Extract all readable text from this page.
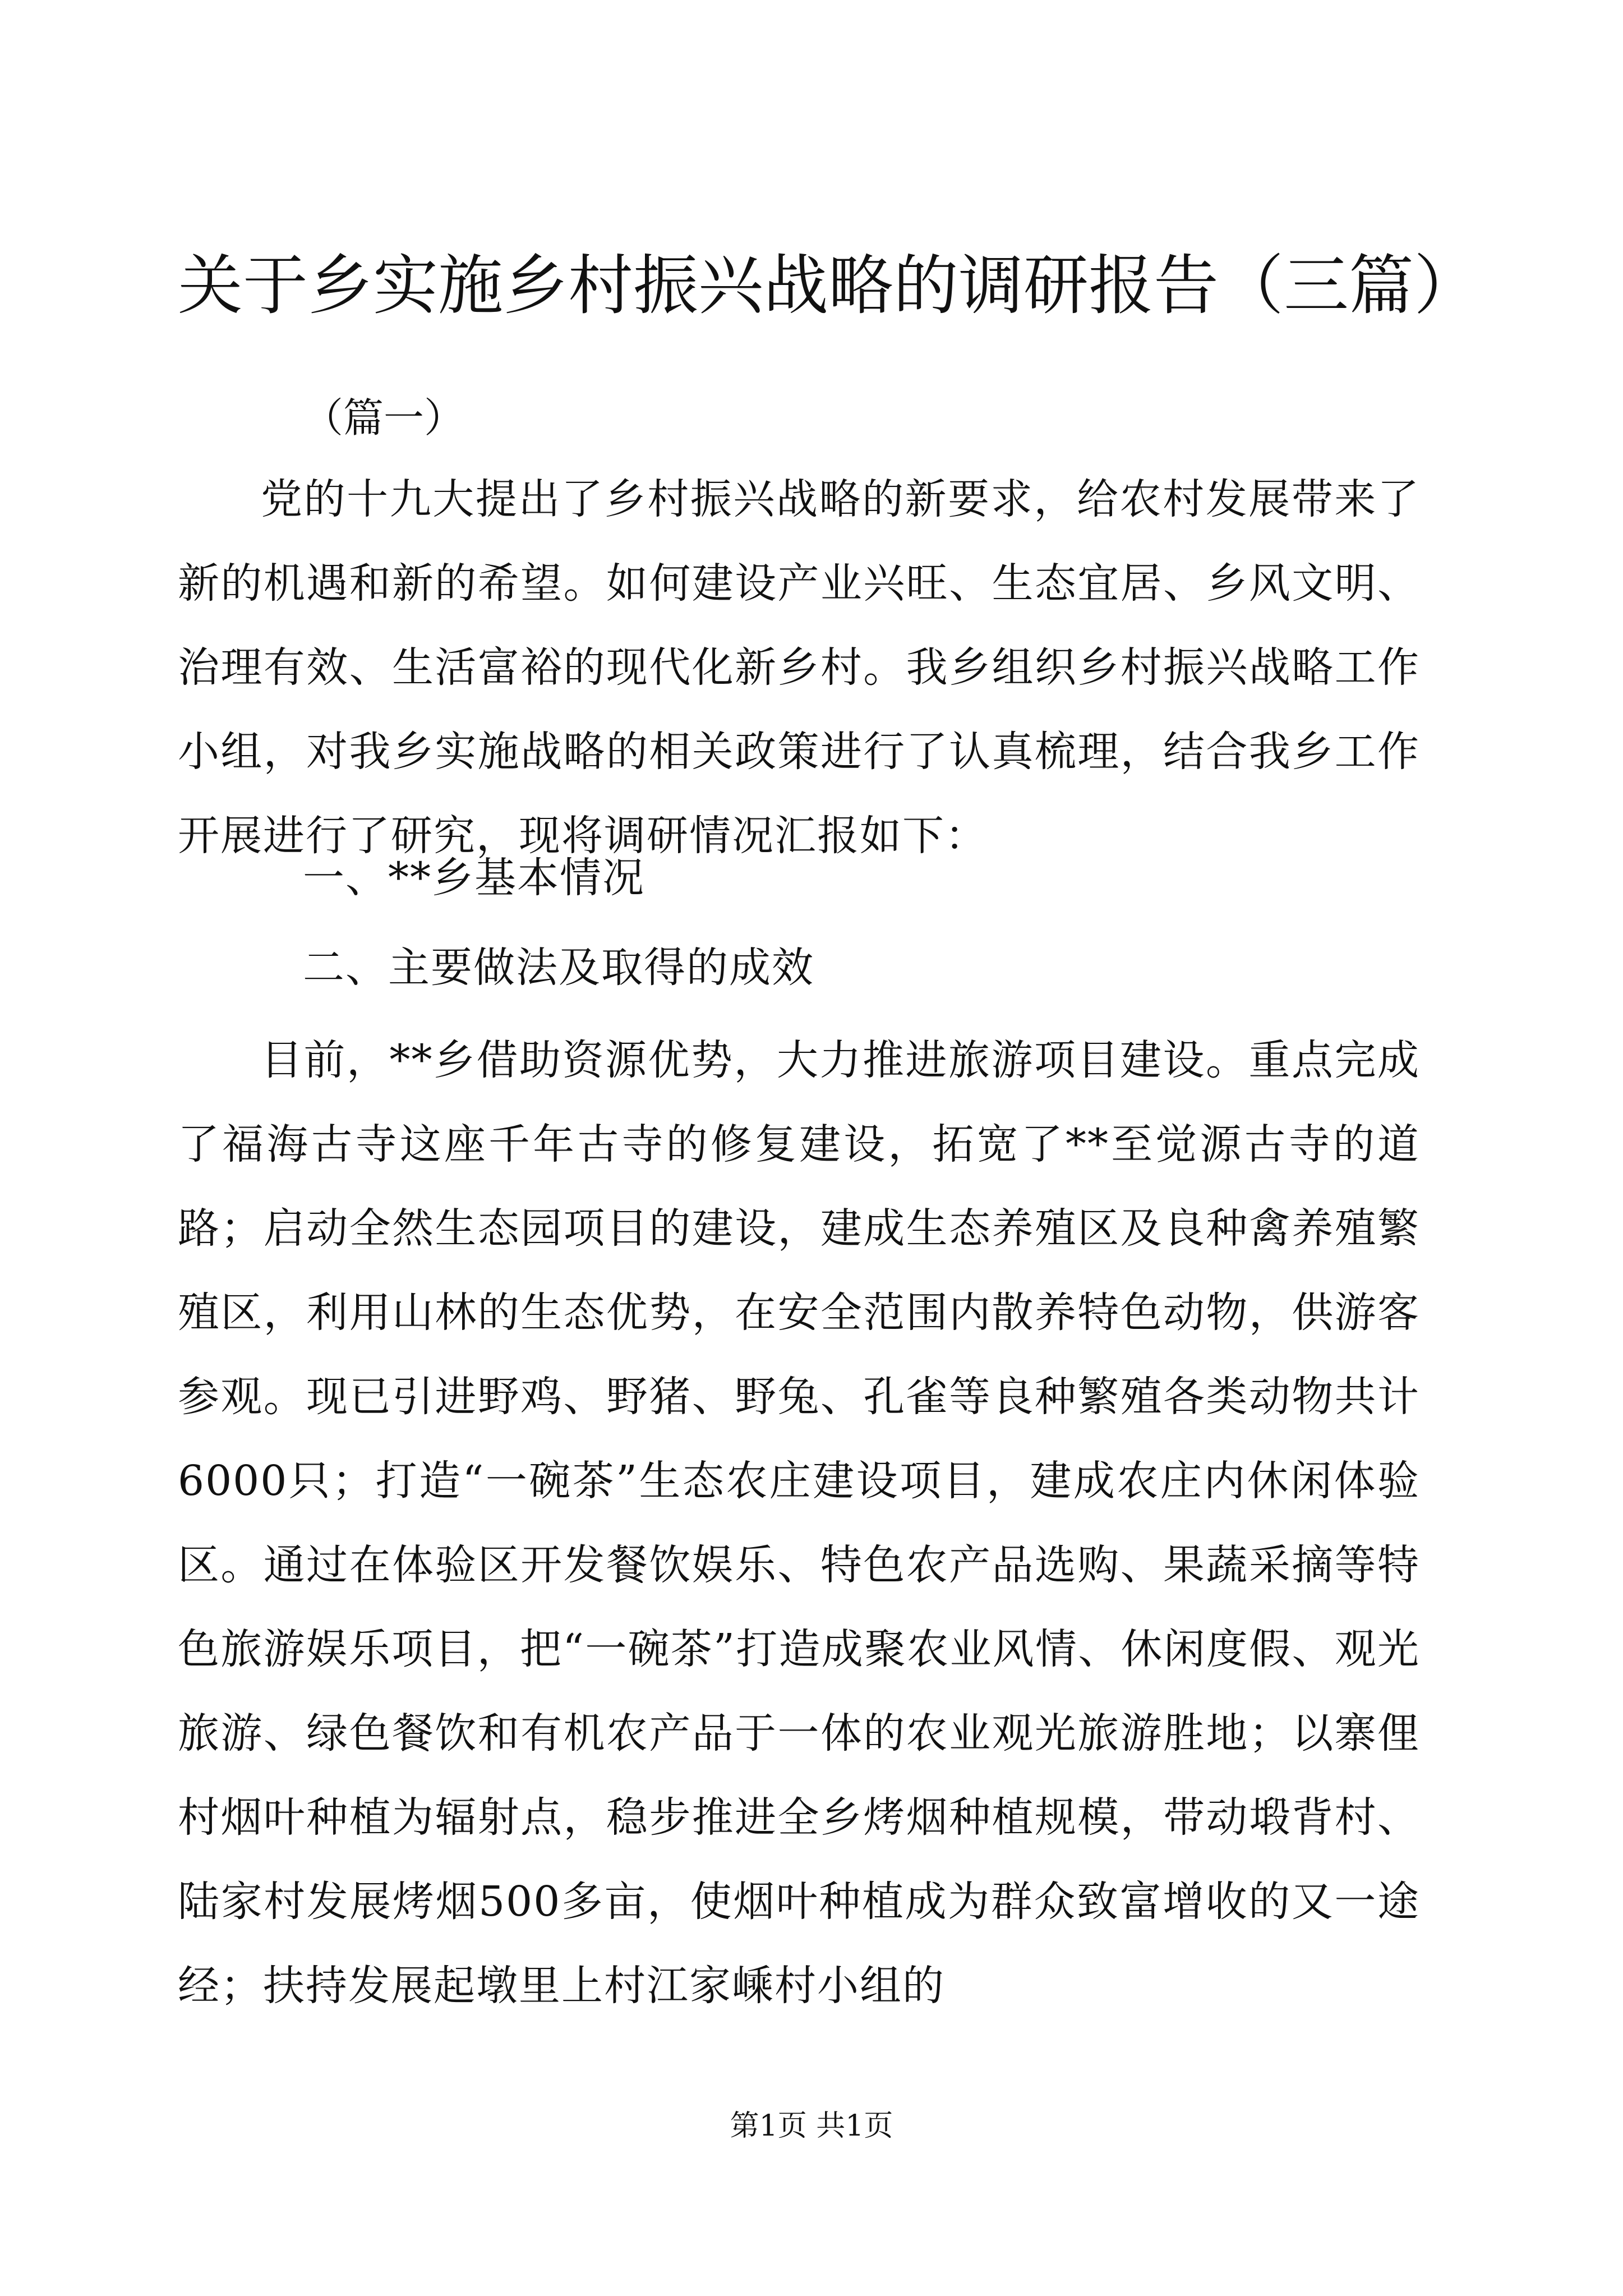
关于乡实施乡村振兴战略的调研报告（三篇）
（篇一）

党的十九大提出了乡村振兴战略的新要求，给农村发展带来了新的机遇和新的希望。如何建设产业兴旺、生态宜居、乡风文明、治理有效、生活富裕的现代化新乡村。我乡组织乡村振兴战略工作小组，对我乡实施战略的相关政策进行了认真梳理，结合我乡工作开展进行了研究，现将调研情况汇报如下：

一、**乡基本情况
二、主要做法及取得的成效

目前，**乡借助资源优势，大力推进旅游项目建设。重点完成了福海古寺这座千年古寺的修复建设，拓宽了**至觉源古寺的道路；启动全然生态园项目的建设，建成生态养殖区及良种禽养殖繁殖区，利用山林的生态优势，在安全范围内散养特色动物，供游客参观。现已引进野鸡、野猪、野兔、孔雀等良种繁殖各类动物共计6000只；打造“一碗茶”生态农庄建设项目，建成农庄内休闲体验区。通过在体验区开发餐饮娱乐、特色农产品选购、果蔬采摘等特色旅游娱乐项目，把“一碗茶”打造成聚农业风情、休闲度假、观光旅游、绿色餐饮和有机农产品于一体的农业观光旅游胜地；以寨俚村烟叶种植为辐射点，稳步推进全乡烤烟种植规模，带动塅背村、陆家村发展烤烟500多亩，使烟叶种植成为群众致富增收的又一途经；扶持发展起墩里上村江家嵊村小组的

第1页 共1页
